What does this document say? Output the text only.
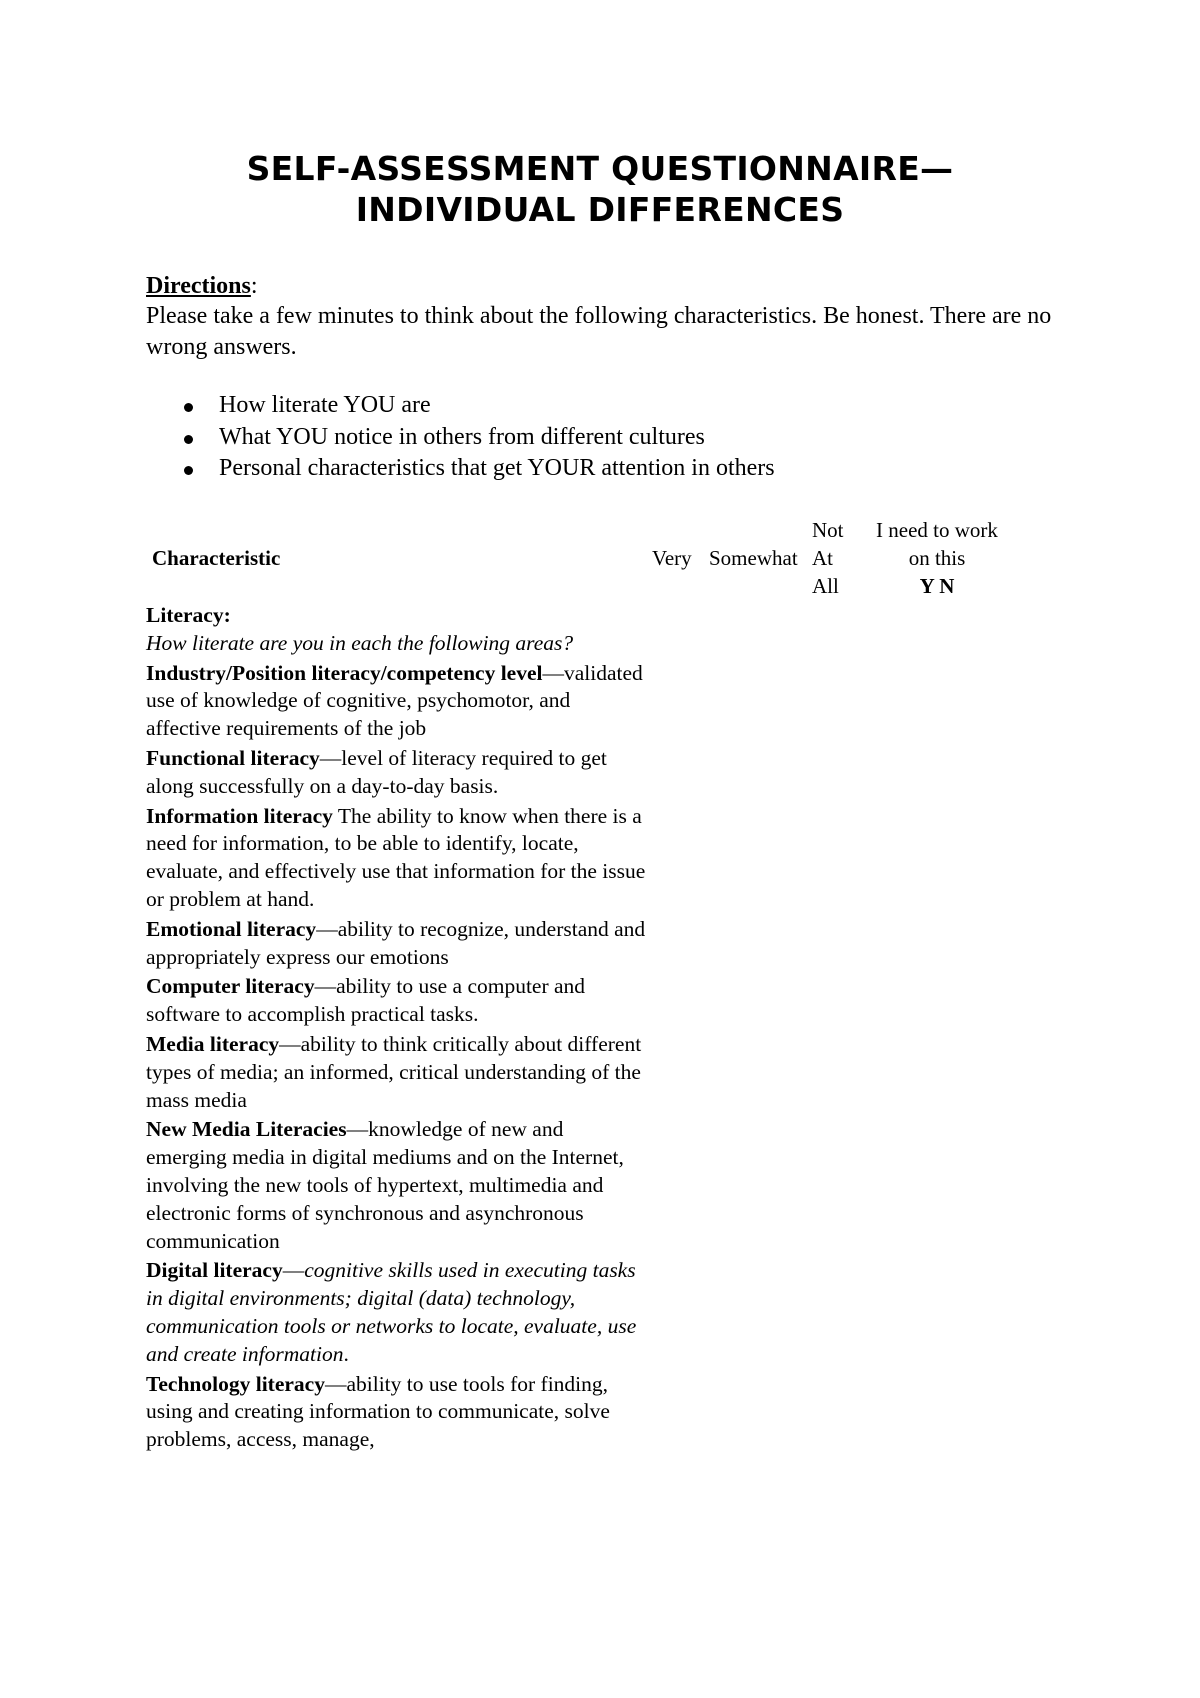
SELF-ASSESSMENT QUESTIONNAIRE—
INDIVIDUAL DIFFERENCES
Directions:
Please take a few minutes to think about the following characteristics. Be honest. There are no wrong answers.
How literate YOU are
What YOU notice in others from different cultures
Personal characteristics that get YOUR attention in others
Characteristic	Very Somewhat
Not
At
All
I need to work
on this
Y N
Literacy:
How literate are you in each the following areas?
Industry/Position literacy/competency level—validated use of knowledge of cognitive, psychomotor, and affective requirements of the job
Functional literacy—level of literacy required to get along successfully on a day-to-day basis.
Information literacy The ability to know when there is a need for information, to be able to identify, locate, evaluate, and effectively use that information for the issue or problem at hand.
Emotional literacy—ability to recognize, understand and appropriately express our emotions
Computer literacy—ability to use a computer and software to accomplish practical tasks.
Media literacy—ability to think critically about different types of media; an informed, critical understanding of the mass media
New Media Literacies—knowledge of new and emerging media in digital mediums and on the Internet, involving the new tools of hypertext, multimedia and electronic forms of synchronous and asynchronous communication
Digital literacy—cognitive skills used in executing tasks in digital environments; digital (data) technology, communication tools or networks to locate, evaluate, use and create information.
Technology literacy—ability to use tools for finding, using and creating information to communicate, solve problems, access, manage,
